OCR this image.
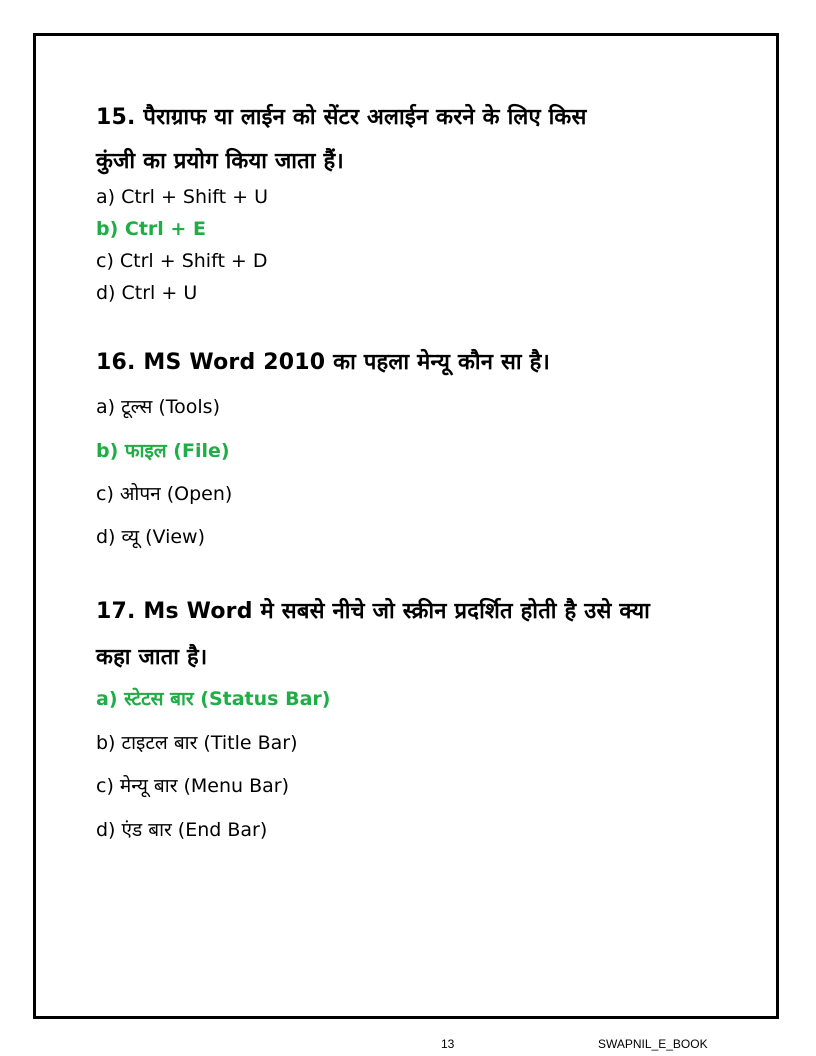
15. पैराग्राफ या लाईन को सेंटर अलाईन करने के लिए किस
कुंजी का प्रयोग किया जाता हैं।
a) Ctrl + Shift + U
b) Ctrl + E
c) Ctrl + Shift + D
d) Ctrl + U
16. MS Word 2010 का पहला मेन्यू कौन सा है।
a) टूल्स (Tools)
b) फाइल (File)
c) ओपन (Open)
d) व्यू (View)
17. Ms Word मे सबसे नीचे जो स्क्रीन प्रदर्शित होती है उसे क्या
कहा जाता है।
a) स्टेटस बार (Status Bar)
b) टाइटल बार (Title Bar)
c) मेन्यू बार (Menu Bar)
d) एंड बार (End Bar)
13	SWAPNIL_E_BOOK
